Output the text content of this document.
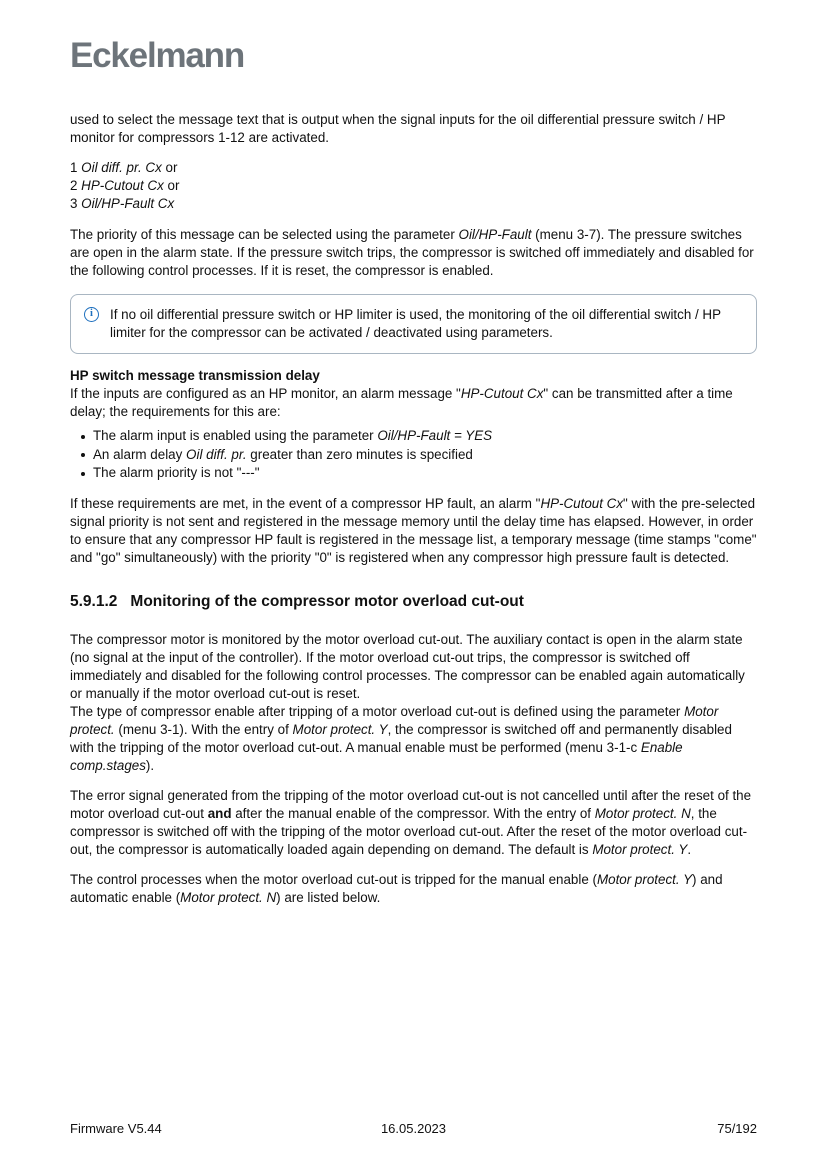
Eckelmann

used to select the message text that is output when the signal inputs for the oil differential pressure switch / HP monitor for compressors 1-12 are activated.

1 Oil diff. pr. Cx or
2 HP-Cutout Cx or
3 Oil/HP-Fault Cx

The priority of this message can be selected using the parameter Oil/HP-Fault (menu 3-7). The pressure switches are open in the alarm state. If the pressure switch trips, the compressor is switched off immediately and disabled for the following control processes. If it is reset, the compressor is enabled.

i	If no oil differential pressure switch or HP limiter is used, the monitoring of the oil differential switch / HP limiter for the compressor can be activated / deactivated using parameters.
HP switch message transmission delay

If the inputs are configured as an HP monitor, an alarm message "HP-Cutout Cx" can be transmitted after a time delay; the requirements for this are:

The alarm input is enabled using the parameter Oil/HP-Fault = YES
An alarm delay Oil diff. pr. greater than zero minutes is specified
The alarm priority is not "---"

If these requirements are met, in the event of a compressor HP fault, an alarm "HP-Cutout Cx" with the pre-selected signal priority is not sent and registered in the message memory until the delay time has elapsed. However, in order to ensure that any compressor HP fault is registered in the message list, a temporary message (time stamps "come" and "go" simultaneously) with the priority "0" is registered when any compressor high pressure fault is detected.

5.9.1.2 Monitoring of the compressor motor overload cut-out

The compressor motor is monitored by the motor overload cut-out. The auxiliary contact is open in the alarm state (no signal at the input of the controller). If the motor overload cut-out trips, the compressor is switched off immediately and disabled for the following control processes. The compressor can be enabled again automatically or manually if the motor overload cut-out is reset.

The type of compressor enable after tripping of a motor overload cut-out is defined using the parameter Motor protect. (menu 3-1). With the entry of Motor protect. Y, the compressor is switched off and permanently disabled with the tripping of the motor overload cut-out. A manual enable must be performed (menu 3-1-c Enable comp.stages).

The error signal generated from the tripping of the motor overload cut-out is not cancelled until after the reset of the motor overload cut-out and after the manual enable of the compressor. With the entry of Motor protect. N, the compressor is switched off with the tripping of the motor overload cut-out. After the reset of the motor overload cut-out, the compressor is automatically loaded again depending on demand. The default is Motor protect. Y.

The control processes when the motor overload cut-out is tripped for the manual enable (Motor protect. Y) and automatic enable (Motor protect. N) are listed below.

Firmware V5.44	16.05.2023	75/192
